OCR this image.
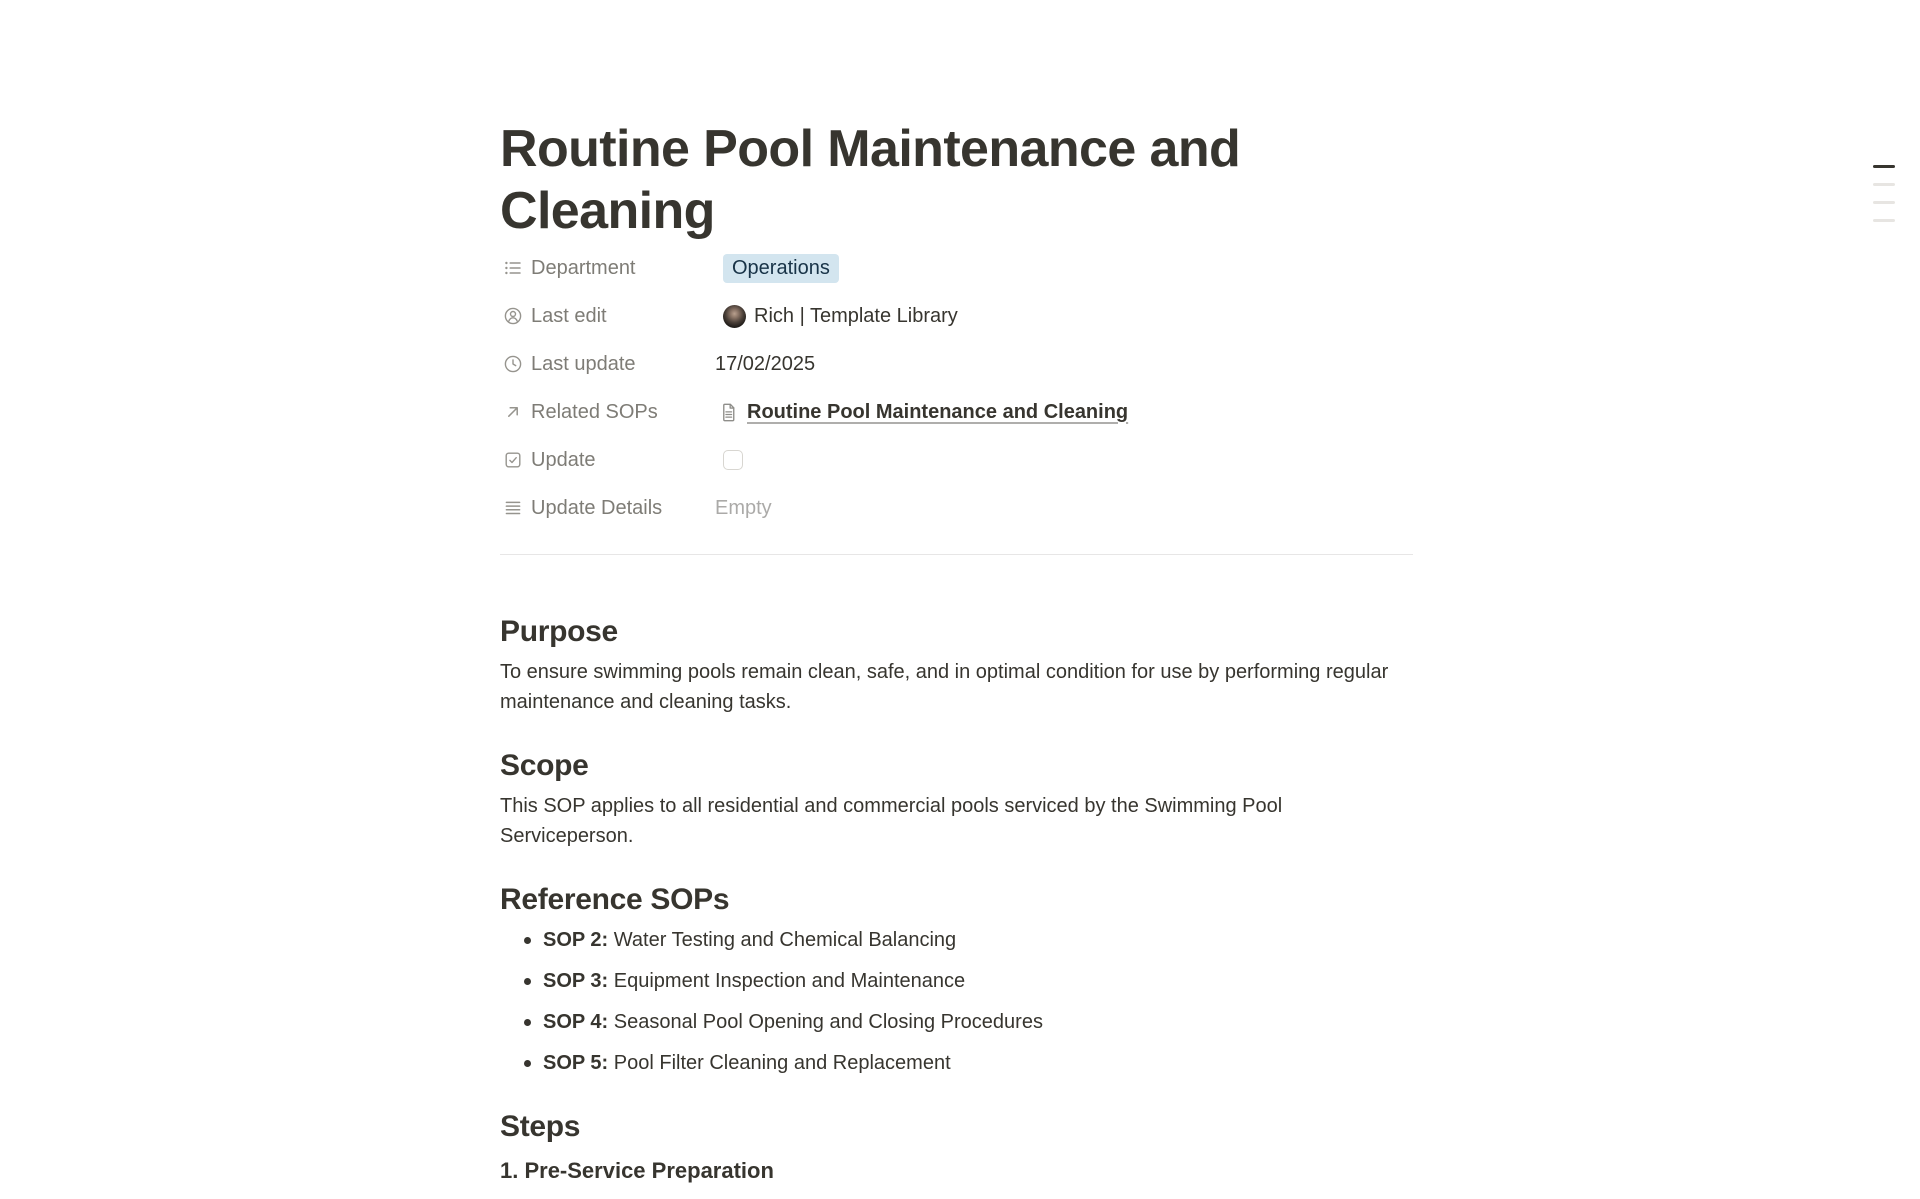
Routine Pool Maintenance and Cleaning
Department	Operations
Last edit	Rich | Template Library
Last update	17/02/2025
Related SOPs	Routine Pool Maintenance and Cleaning
Update
Update Details	Empty
Purpose

To ensure swimming pools remain clean, safe, and in optimal condition for use by performing regular maintenance and cleaning tasks.

Scope

This SOP applies to all residential and commercial pools serviced by the Swimming Pool Serviceperson.

Reference SOPs
SOP 2: Water Testing and Chemical Balancing
SOP 3: Equipment Inspection and Maintenance
SOP 4: Seasonal Pool Opening and Closing Procedures
SOP 5: Pool Filter Cleaning and Replacement
Steps
1. Pre-Service Preparation
